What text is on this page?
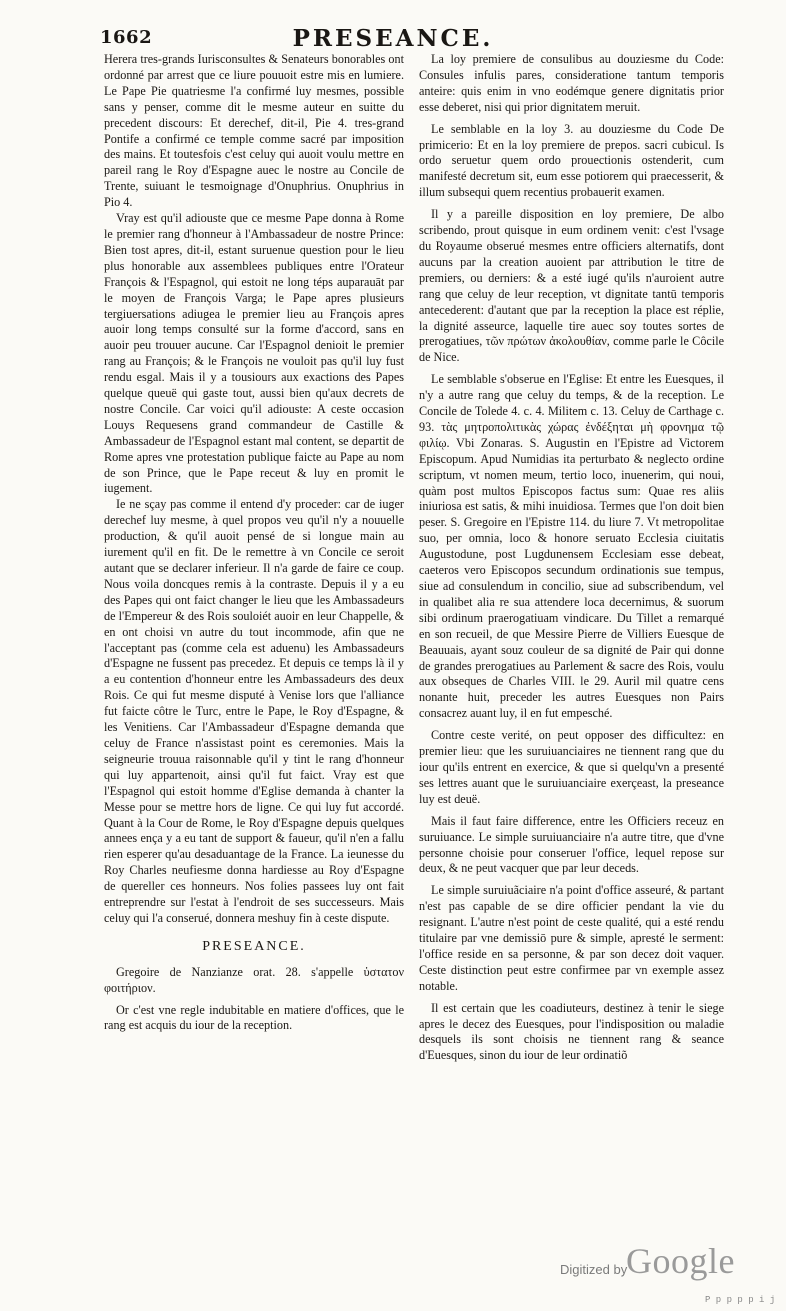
1662	PRESEANCE.

Herera tres-grands Iurisconsultes & Senateurs bonorables ont ordonné par arrest que ce liure pouuoit estre mis en lumiere. Le Pape Pie quatriesme l'a confirmé luy mesmes, possible sans y penser, comme dit le mesme auteur en suitte du precedent discours: Et derechef, dit-il, Pie 4. tres-grand Pontife a confirmé ce temple comme sacré par imposition des mains. Et toutesfois c'est celuy qui auoit voulu mettre en pareil rang le Roy d'Espagne auec le nostre au Concile de Trente, suiuant le tesmoignage d'Onuphrius. Onuphrius in Pio 4.

Vray est qu'il adiouste que ce mesme Pape donna à Rome le premier rang d'honneur à l'Ambassadeur de nostre Prince: Bien tost apres, dit-il, estant suruenue question pour le lieu plus honorable aux assemblees publiques entre l'Orateur François & l'Espagnol, qui estoit ne long téps auparauāt par le moyen de François Varga; le Pape apres plusieurs tergiuersations adiugea le premier lieu au François apres auoir long temps consulté sur la forme d'accord, sans en auoir peu trouuer aucune. Car l'Espagnol denioit le premier rang au François; & le François ne vouloit pas qu'il luy fust rendu esgal. Mais il y a tousiours aux exactions des Papes quelque queuë qui gaste tout, aussi bien qu'aux decrets de nostre Concile. Car voici qu'il adiouste: A ceste occasion Louys Requesens grand commandeur de Castille & Ambassadeur de l'Espagnol estant mal content, se departit de Rome apres vne protestation publique faicte au Pape au nom de son Prince, que le Pape receut & luy en promit le iugement.

Ie ne sçay pas comme il entend d'y proceder: car de iuger derechef luy mesme, à quel propos veu qu'il n'y a nouuelle production, & qu'il auoit pensé de si longue main au iurement qu'il en fit. De le remettre à vn Concile ce seroit autant que se declarer inferieur. Il n'a garde de faire ce coup. Nous voila doncques remis à la contraste. Depuis il y a eu des Papes qui ont faict changer le lieu que les Ambassadeurs de l'Empereur & des Rois souloiét auoir en leur Chappelle, & en ont choisi vn autre du tout incommode, afin que ne l'acceptant pas (comme cela est aduenu) les Ambassadeurs d'Espagne ne fussent pas precedez. Et depuis ce temps là il y a eu contention d'honneur entre les Ambassadeurs des deux Rois. Ce qui fut mesme disputé à Venise lors que l'alliance fut faicte côtre le Turc, entre le Pape, le Roy d'Espagne, & les Venitiens. Car l'Ambassadeur d'Espagne demanda que celuy de France n'assistast point es ceremonies. Mais la seigneurie trouua raisonnable qu'il y tint le rang d'honneur qui luy appartenoit, ainsi qu'il fut faict. Vray est que l'Espagnol qui estoit homme d'Eglise demanda à chanter la Messe pour se mettre hors de ligne. Ce qui luy fut accordé. Quant à la Cour de Rome, le Roy d'Espagne depuis quelques annees ença y a eu tant de support & faueur, qu'il n'en a fallu rien esperer qu'au desaduantage de la France. La ieunesse du Roy Charles neufiesme donna hardiesse au Roy d'Espagne de quereller ces honneurs. Nos folies passees luy ont fait entreprendre sur l'estat à l'endroit de ses successeurs. Mais celuy qui l'a conserué, donnera meshuy fin à ceste dispute.

PRESEANCE.

Gregoire de Nanzianze orat. 28. s'appelle ὑστατον φοιτήριον.

Or c'est vne regle indubitable en matiere d'offices, que le rang est acquis du iour de la reception.

La loy premiere de consulibus au douziesme du Code: Consules infulis pares, consideratione tantum temporis anteire: quis enim in vno eodémque genere dignitatis prior esse deberet, nisi qui prior dignitatem meruit.

Le semblable en la loy 3. au douziesme du Code De primicerio: Et en la loy premiere de prepos. sacri cubicul. Is ordo seruetur quem ordo prouectionis ostenderit, cum manifesté decretum sit, eum esse potiorem qui praecesserit, & illum subsequi quem recentius probauerit examen.

Il y a pareille disposition en loy premiere, De albo scribendo, prout quisque in eum ordinem venit: c'est l'vsage du Royaume obserué mesmes entre officiers alternatifs, dont aucuns par la creation auoient par attribution le titre de premiers, ou derniers: & a esté iugé qu'ils n'auroient autre rang que celuy de leur reception, vt dignitate tantū temporis antecederent: d'autant que par la reception la place est réplie, la dignité asseurce, laquelle tire auec soy toutes sortes de prerogatiues, τῶν πρώτων ἀκολουθίαν, comme parle le Côcile de Nice.

Le semblable s'obserue en l'Eglise: Et entre les Euesques, il n'y a autre rang que celuy du temps, & de la reception. Le Concile de Tolede 4. c. 4. Militem c. 13. Celuy de Carthage c. 93. τὰς μητροπολιτικὰς χώρας ἐνδέξηται μὴ φρονημα τῷ φιλίῳ. Vbi Zonaras. S. Augustin en l'Epistre ad Victorem Episcopum. Apud Numidias ita perturbato & neglecto ordine scriptum, vt nomen meum, tertio loco, inuenerim, qui noui, quàm post multos Episcopos factus sum: Quae res aliis iniuriosa est satis, & mihi inuidiosa. Termes que l'on doit bien peser. S. Gregoire en l'Epistre 114. du liure 7. Vt metropolitae suo, per omnia, loco & honore seruato Ecclesia ciuitatis Augustodune, post Lugdunensem Ecclesiam esse debeat, caeteros vero Episcopos secundum ordinationis sue tempus, siue ad consulendum in concilio, siue ad subscribendum, vel in qualibet alia re sua attendere loca decernimus, & suorum sibi ordinum praerogatiuam vindicare. Du Tillet a remarqué en son recueil, de que Messire Pierre de Villiers Euesque de Beauuais, ayant souz couleur de sa dignité de Pair qui donne de grandes prerogatiues au Parlement & sacre des Rois, voulu aux obseques de Charles VIII. le 29. Auril mil quatre cens nonante huit, preceder les autres Euesques non Pairs consacrez auant luy, il en fut empesché.

Contre ceste verité, on peut opposer des difficultez: en premier lieu: que les suruiuanciaires ne tiennent rang que du iour qu'ils entrent en exercice, & que si quelqu'vn a presenté ses lettres auant que le suruiuanciaire exerçeast, la preseance luy est deuë.

Mais il faut faire difference, entre les Officiers receuz en suruiuance. Le simple suruiuanciaire n'a autre titre, que d'vne personne choisie pour conseruer l'office, lequel repose sur deux, & ne peut vacquer que par leur deceds.

Le simple suruiuãciaire n'a point d'office asseuré, & partant n'est pas capable de se dire officier pendant la vie du resignant. L'autre n'est point de ceste qualité, qui a esté rendu titulaire par vne demissiō pure & simple, apresté le serment: l'office reside en sa personne, & par son decez doit vaquer. Ceste distinction peut estre confirmee par vn exemple assez notable.

Il est certain que les coadiuteurs, destinez à tenir le siege apres le decez des Euesques, pour l'indisposition ou maladie desquels ils sont choisis ne tiennent rang & seance d'Euesques, sinon du iour de leur ordinatiõ

Digitized by
Google
P p p p p i j
